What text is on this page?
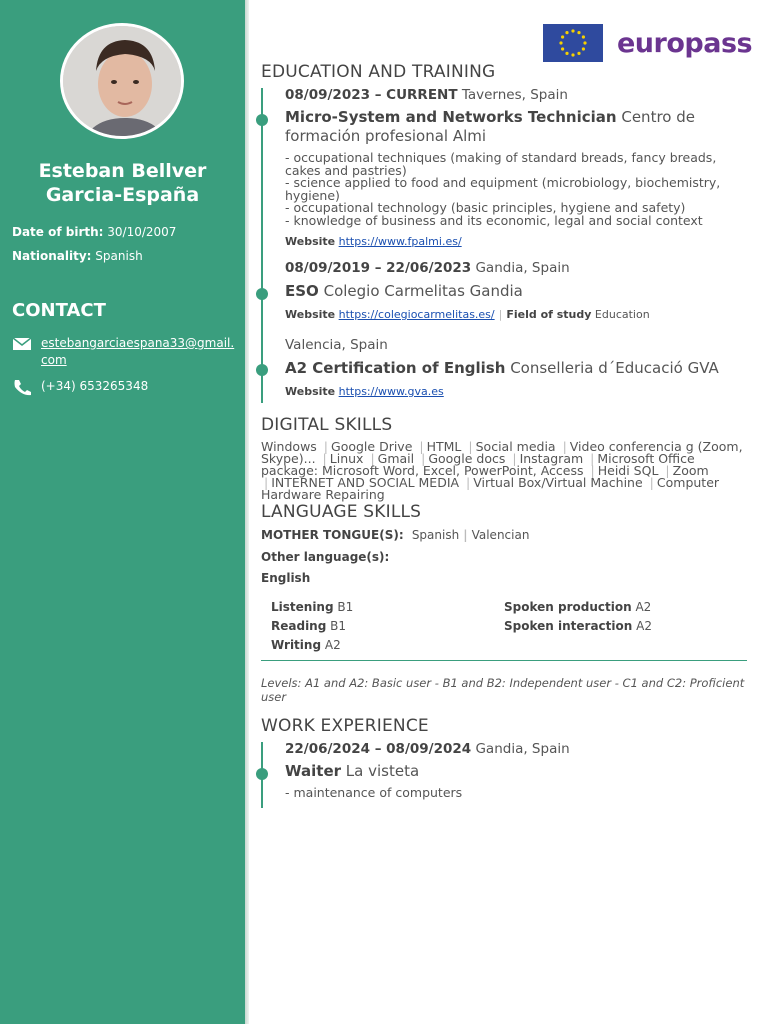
Esteban Bellver
Garcia-España
Date of birth: 30/10/2007
Nationality: Spanish
CONTACT
estebangarciaespana33@gmail.
com
(+34) 653265348
europass
EDUCATION AND TRAINING
08/09/2023 – CURRENT Tavernes, Spain
Micro-System and Networks Technician Centro de formación profesional Almi
- occupational techniques (making of standard breads, fancy breads, cakes and pastries)
- science applied to food and equipment (microbiology, biochemistry, hygiene)
- occupational technology (basic principles, hygiene and safety)
- knowledge of business and its economic, legal and social context
Website https://www.fpalmi.es/
08/09/2019 – 22/06/2023 Gandia, Spain
ESO Colegio Carmelitas Gandia
Website https://colegiocarmelitas.es/ | Field of study Education
Valencia, Spain
A2 Certification of English Conselleria d´Educació GVA
Website https://www.gva.es
DIGITAL SKILLS
Windows | Google Drive | HTML | Social media | Video conferencia g (Zoom, Skype)... | Linux | Gmail | Google docs | Instagram | Microsoft Office package: Microsoft Word, Excel, PowerPoint, Access | Heidi SQL | Zoom | INTERNET AND SOCIAL MEDIA | Virtual Box/Virtual Machine | Computer Hardware Repairing
LANGUAGE SKILLS
MOTHER TONGUE(S): Spanish | Valencian
Other language(s):
English
Listening B1
Reading B1
Writing A2
Spoken production A2
Spoken interaction A2
Levels: A1 and A2: Basic user - B1 and B2: Independent user - C1 and C2: Proficient user
WORK EXPERIENCE
22/06/2024 – 08/09/2024 Gandia, Spain
Waiter La visteta
- maintenance of computers
